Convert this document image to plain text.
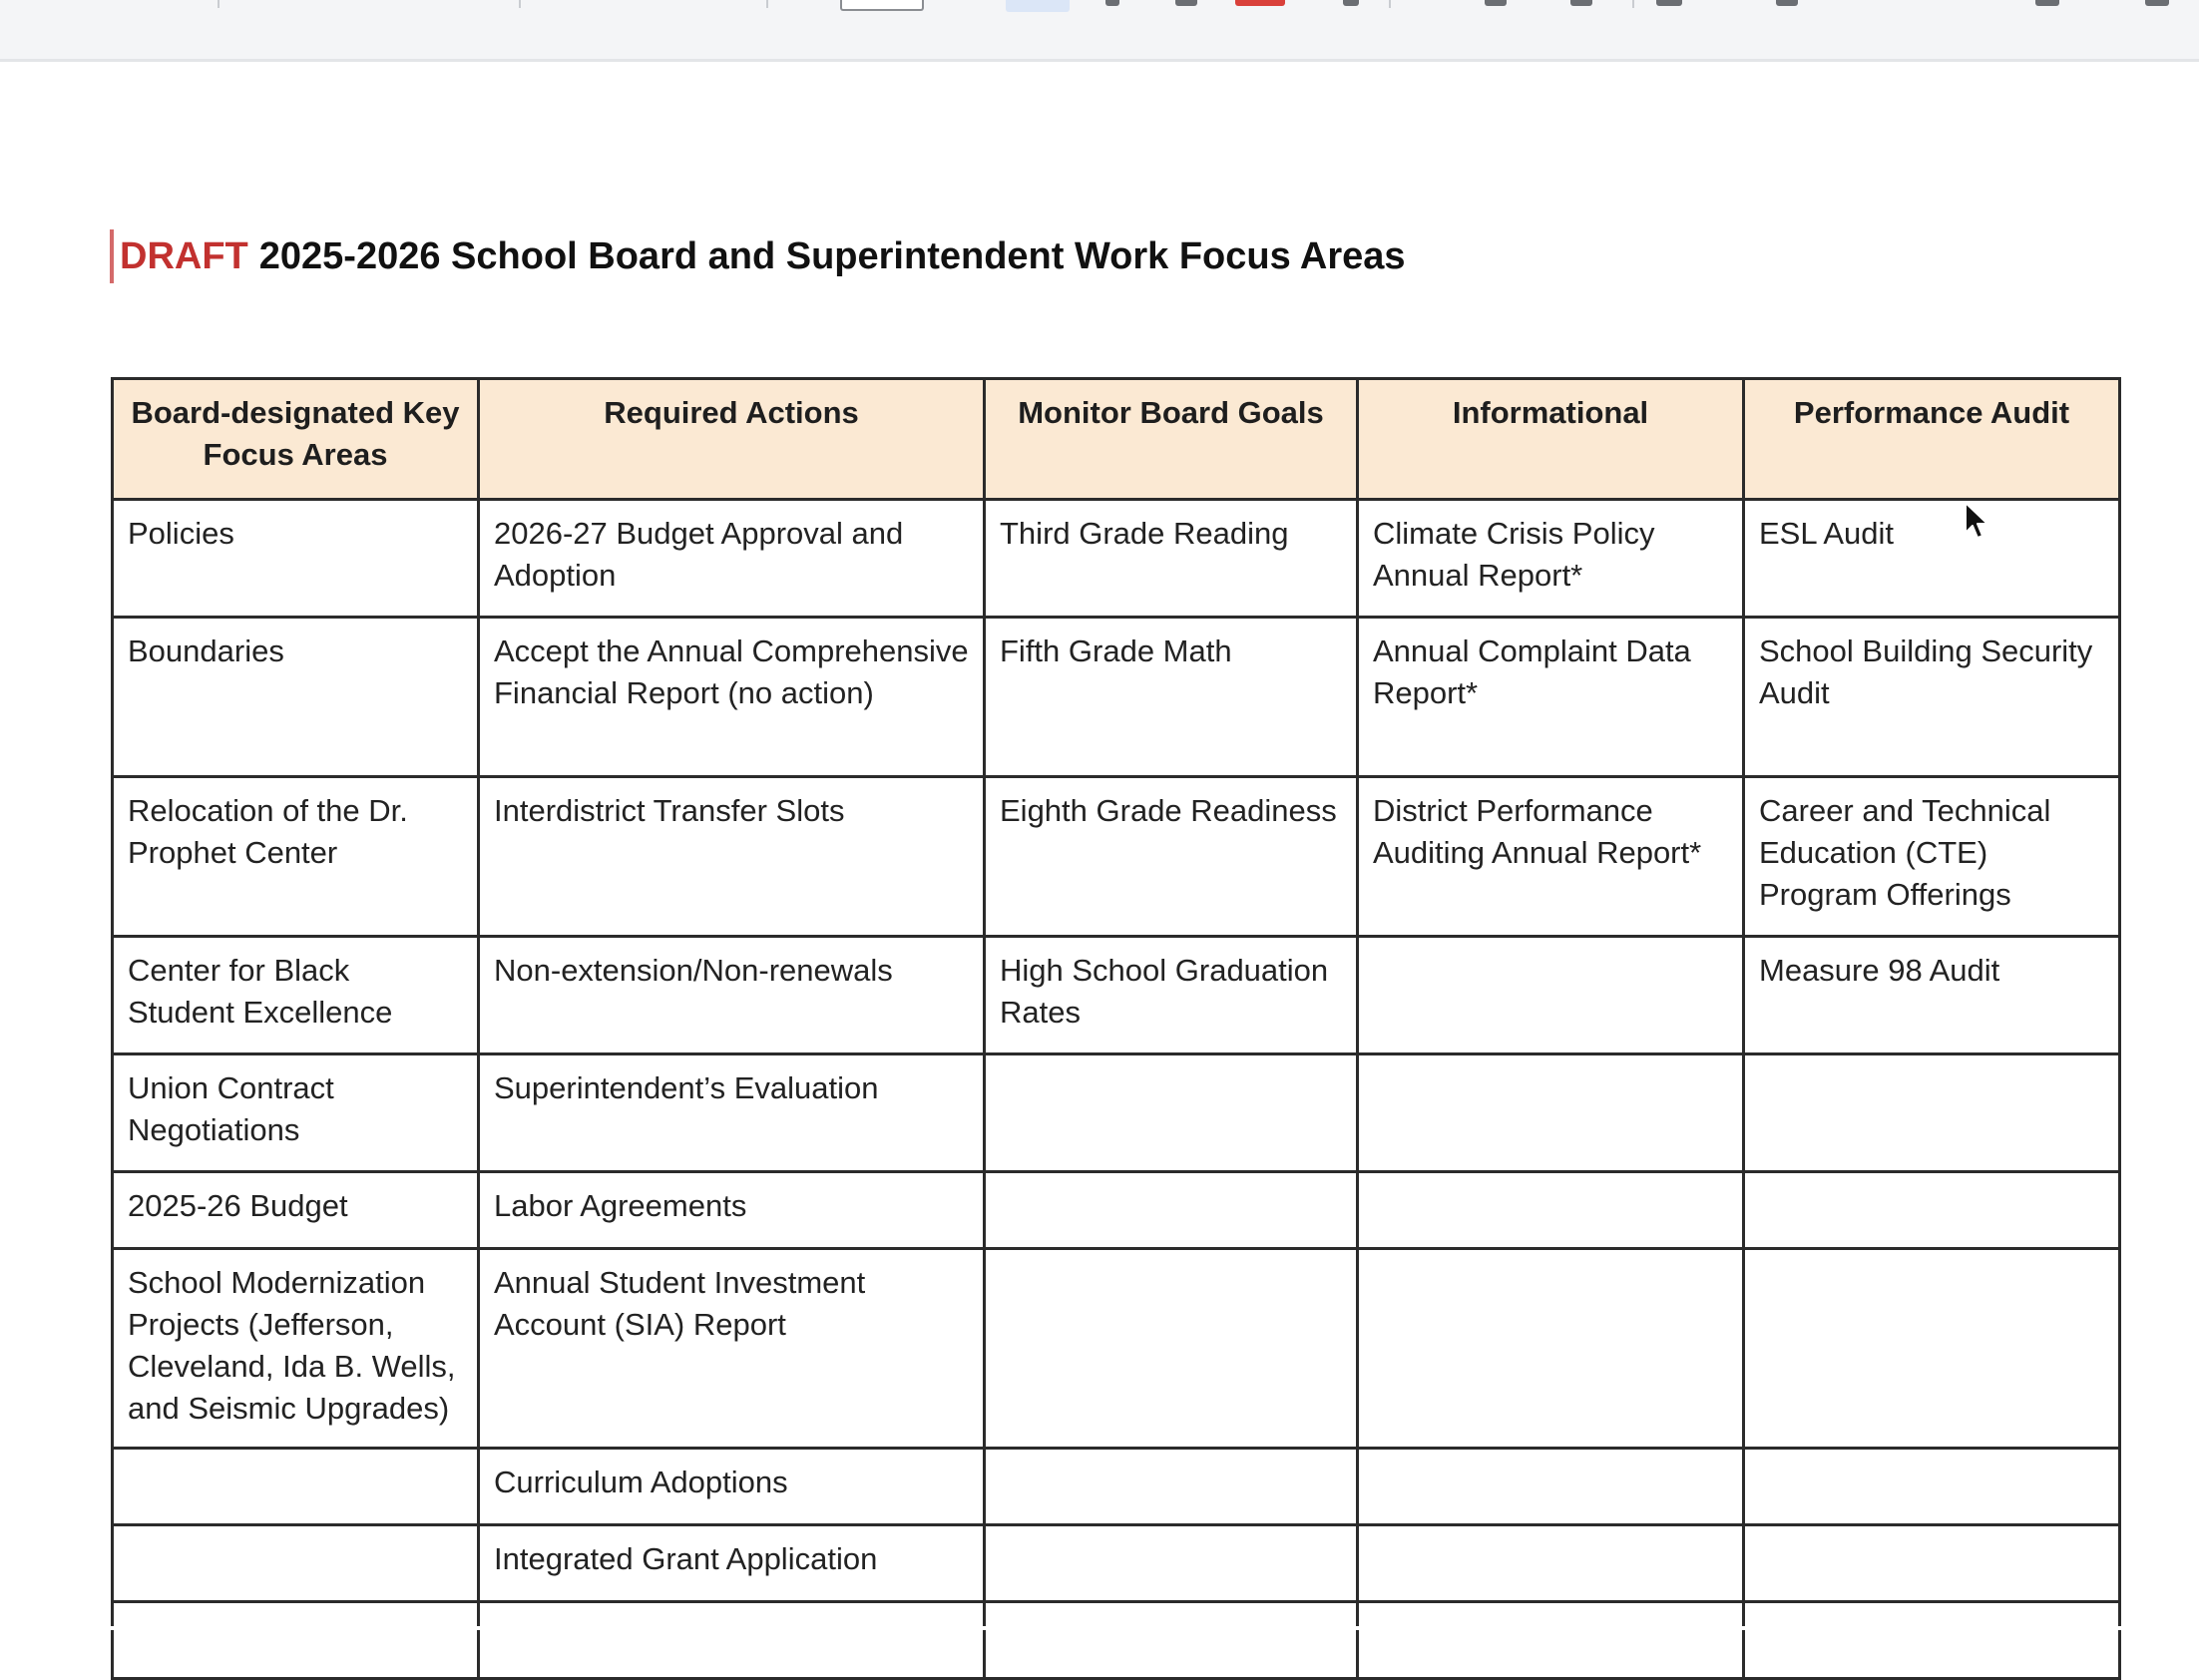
DRAFT 2025-2026 School Board and Superintendent Work Focus Areas
Board-designated Key Focus Areas	Required Actions	Monitor Board Goals	Informational	Performance Audit
Policies	2026-27 Budget Approval and Adoption	Third Grade Reading	Climate Crisis Policy Annual Report*	ESL Audit
Boundaries	Accept the Annual Comprehensive Financial Report (no action)	Fifth Grade Math	Annual Complaint Data Report*	School Building Security Audit
Relocation of the Dr. Prophet Center	Interdistrict Transfer Slots	Eighth Grade Readiness	District Performance Auditing Annual Report*	Career and Technical Education (CTE) Program Offerings
Center for Black Student Excellence	Non-extension/Non-renewals	High School Graduation Rates		Measure 98 Audit
Union Contract Negotiations	Superintendent’s Evaluation			
2025-26 Budget	Labor Agreements			
School Modernization Projects (Jefferson, Cleveland, Ida B. Wells, and Seismic Upgrades)	Annual Student Investment Account (SIA) Report			
	Curriculum Adoptions			
	Integrated Grant Application			
